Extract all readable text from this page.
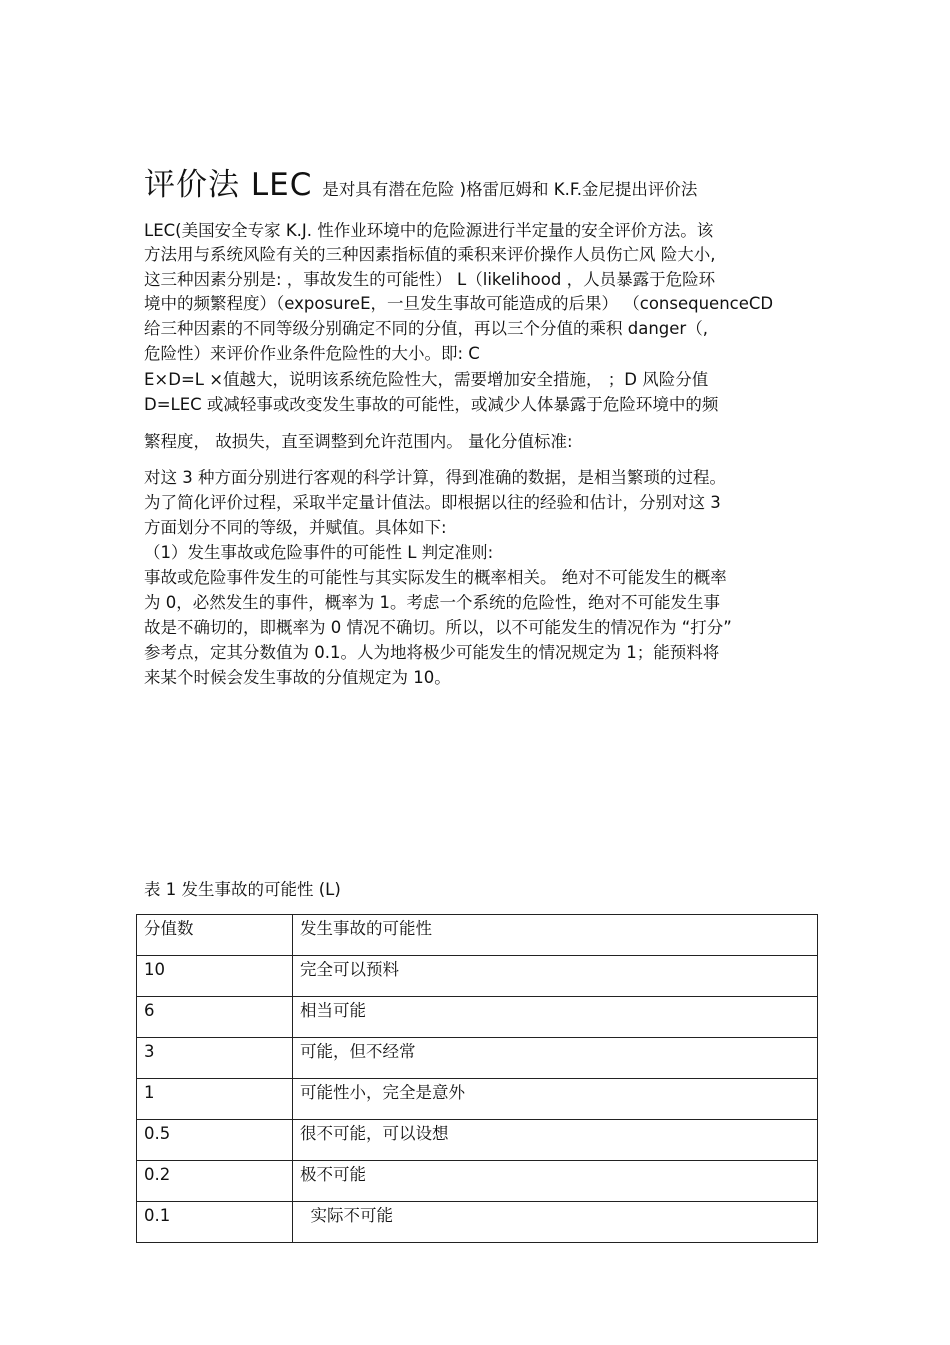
评价法 LEC 是对具有潜在危险 )格雷厄姆和 K.F.金尼提出评价法
LEC(美国安全专家 K.J. 性作业环境中的危险源进行半定量的安全评价方法。该
方法用与系统风险有关的三种因素指标值的乘积来评价操作人员伤亡风 险大小,
这三种因素分别是: ，事故发生的可能性） L（likelihood ，人员暴露于危险环
境中的频繁程度）（exposureE，一旦发生事故可能造成的后果） （consequenceCD
给三种因素的不同等级分别确定不同的分值，再以三个分值的乘积 danger（,
危险性）来评价作业条件危险性的大小。即: C
E×D=L ×值越大，说明该系统危险性大，需要增加安全措施， ；D 风险分值
D=LEC 或减轻事或改变发生事故的可能性，或减少人体暴露于危险环境中的频
繁程度， 故损失，直至调整到允许范围内。 量化分值标准:
对这 3 种方面分别进行客观的科学计算，得到准确的数据，是相当繁琐的过程。
为了简化评价过程，采取半定量计值法。即根据以往的经验和估计，分别对这 3
方面划分不同的等级，并赋值。具体如下:
（1）发生事故或危险事件的可能性 L 判定准则:
事故或危险事件发生的可能性与其实际发生的概率相关。 绝对不可能发生的概率
为 0，必然发生的事件，概率为 1。考虑一个系统的危险性，绝对不可能发生事
故是不确切的，即概率为 0 情况不确切。所以，以不可能发生的情况作为 “打分”
参考点，定其分数值为 0.1。人为地将极少可能发生的情况规定为 1；能预料将
来某个时候会发生事故的分值规定为 10。
表 1 发生事故的可能性 (L)
分值数	发生事故的可能性
10	完全可以预料
6	相当可能
3	可能，但不经常
1	可能性小，完全是意外
0.5	很不可能，可以设想
0.2	极不可能
0.1	实际不可能
